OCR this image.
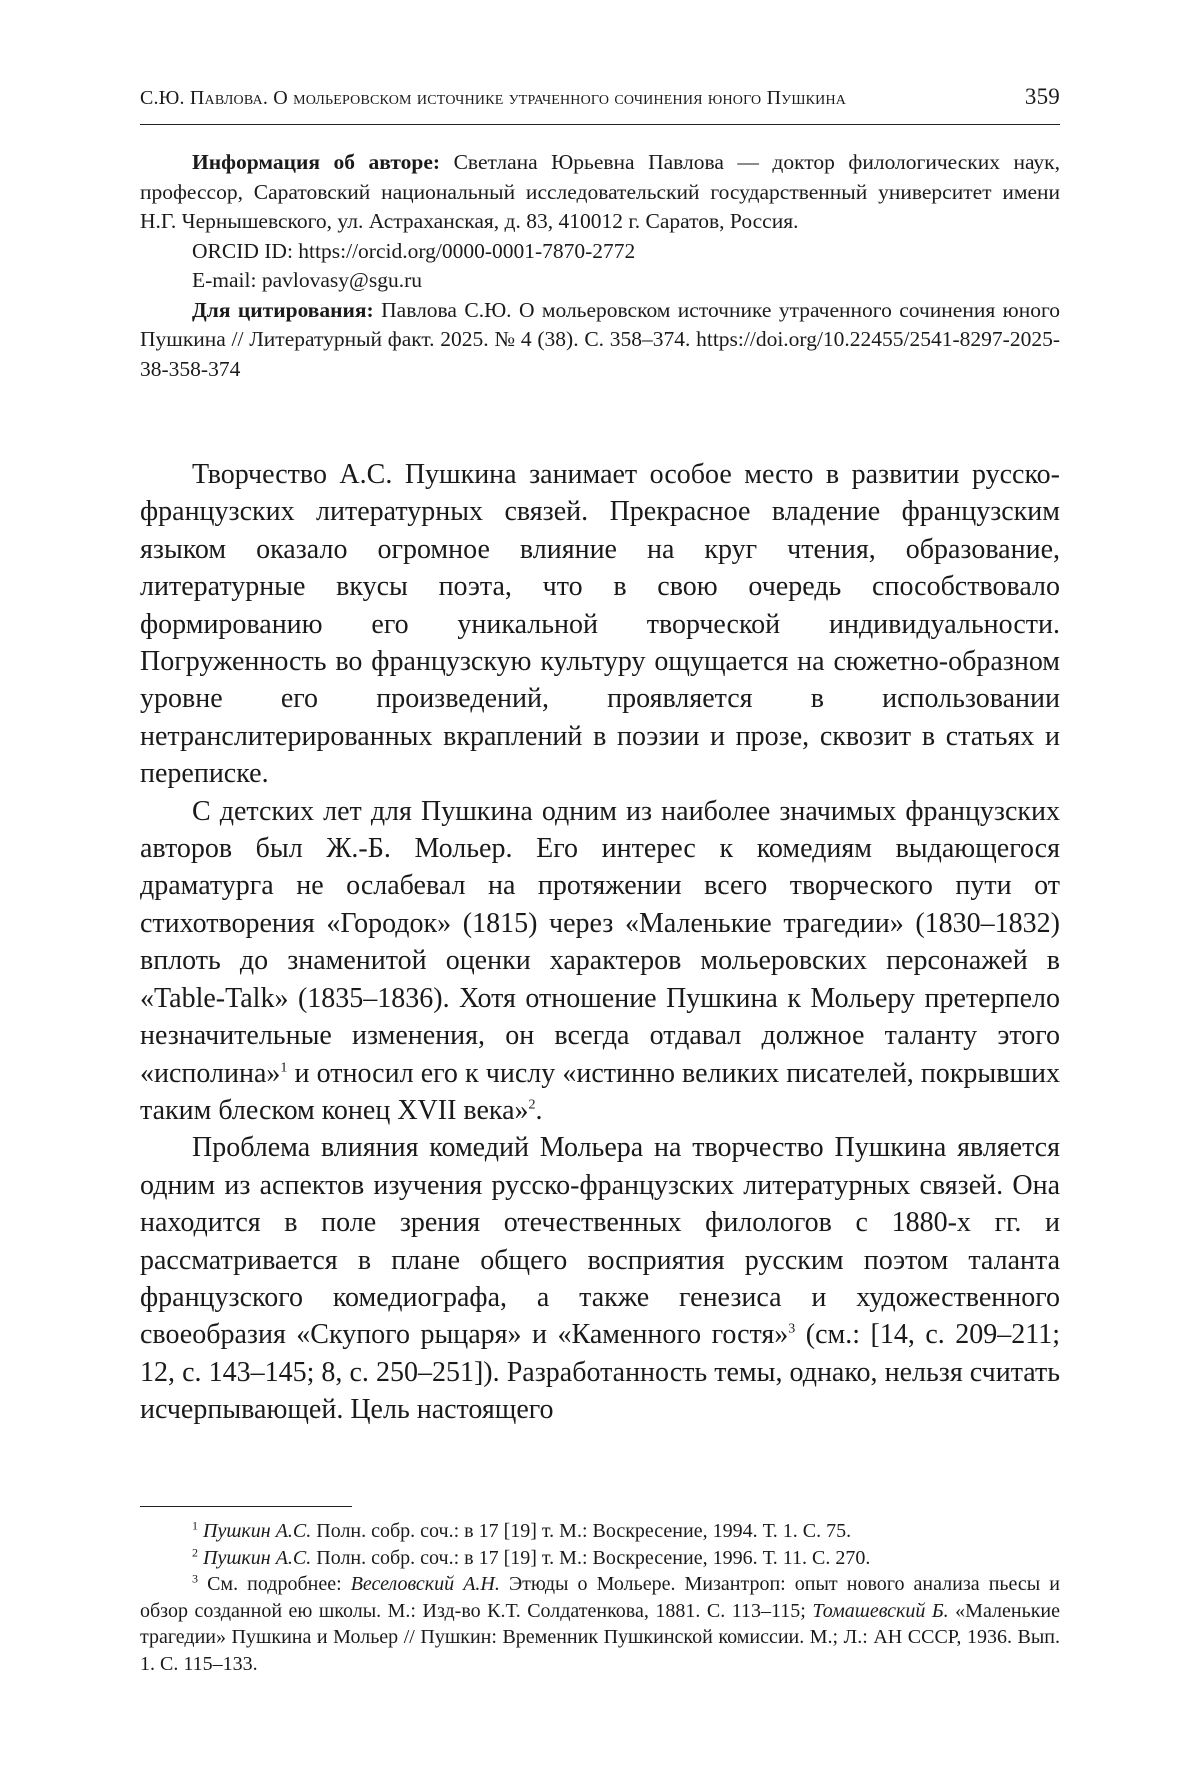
С.Ю. Павлова. О мольеровском источнике утраченного сочинения юного Пушкина	359

Информация об авторе: Светлана Юрьевна Павлова — доктор филологических наук, профессор, Саратовский национальный исследовательский государственный университет имени Н.Г. Чернышевского, ул. Астраханская, д. 83, 410012 г. Саратов, Россия.

ORCID ID: https://orcid.org/0000-0001-7870-2772

E-mail: pavlovasy@sgu.ru

Для цитирования: Павлова С.Ю. О мольеровском источнике утраченного сочинения юного Пушкина // Литературный факт. 2025. № 4 (38). С. 358–374. https://doi.org/10.22455/2541-8297-2025-38-358-374

Творчество А.С. Пушкина занимает особое место в развитии русско-французских литературных связей. Прекрасное владение французским языком оказало огромное влияние на круг чтения, образование, литературные вкусы поэта, что в свою очередь способствовало формированию его уникальной творческой индивидуальности. Погруженность во французскую культуру ощущается на сюжетно-образном уровне его произведений, проявляется в использовании нетранслитерированных вкраплений в поэзии и прозе, сквозит в статьях и переписке.

С детских лет для Пушкина одним из наиболее значимых французских авторов был Ж.-Б. Мольер. Его интерес к комедиям выдающегося драматурга не ослабевал на протяжении всего творческого пути от стихотворения «Городок» (1815) через «Маленькие трагедии» (1830–1832) вплоть до знаменитой оценки характеров мольеровских персонажей в «Table-Talk» (1835–1836). Хотя отношение Пушкина к Мольеру претерпело незначительные изменения, он всегда отдавал должное таланту этого «исполина»$^1$ и относил его к числу «истинно великих писателей, покрывших таким блеском конец XVII века»$^2$.

Проблема влияния комедий Мольера на творчество Пушкина является одним из аспектов изучения русско-французских литературных связей. Она находится в поле зрения отечественных филологов с 1880-х гг. и рассматривается в плане общего восприятия русским поэтом таланта французского комедиографа, а также генезиса и художественного своеобразия «Скупого рыцаря» и «Каменного гостя»$^3$ (см.: [14, с. 209–211; 12, с. 143–145; 8, с. 250–251]). Разработанность темы, однако, нельзя считать исчерпывающей. Цель настоящего

$^1$ Пушкин А.С. Полн. собр. соч.: в 17 [19] т. М.: Воскресение, 1994. Т. 1. С. 75.

$^2$ Пушкин А.С. Полн. собр. соч.: в 17 [19] т. М.: Воскресение, 1996. Т. 11. С. 270.

$^3$ См. подробнее: Веселовский А.Н. Этюды о Мольере. Мизантроп: опыт нового анализа пьесы и обзор созданной ею школы. М.: Изд-во К.Т. Солдатенкова, 1881. С. 113–115; Томашевский Б. «Маленькие трагедии» Пушкина и Мольер // Пушкин: Временник Пушкинской комиссии. М.; Л.: АН СССР, 1936. Вып. 1. С. 115–133.
